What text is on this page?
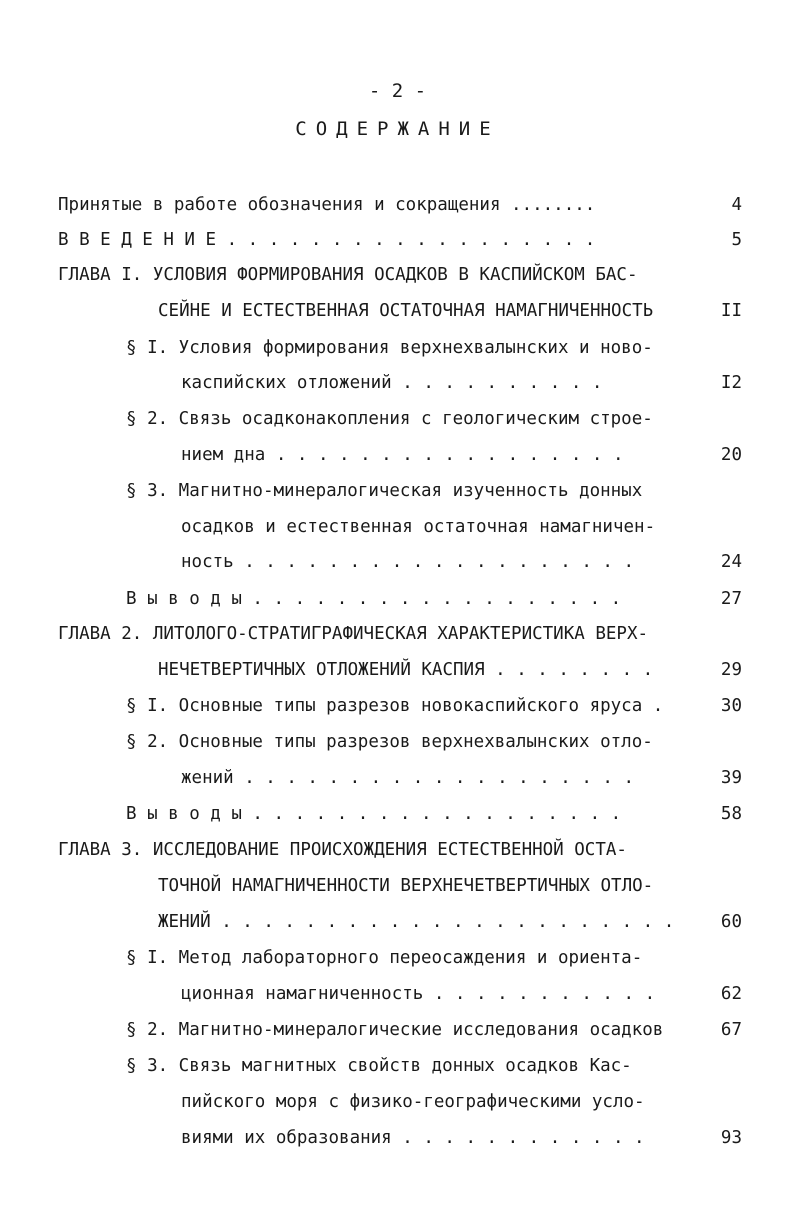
- 2 -
СОДЕРЖАНИЕ
Принятые в работе обозначения и сокращения ........	4
В В Е Д Е Н И Е . . . . . . . . . . . . . . . . . .	5
ГЛАВА I. УСЛОВИЯ ФОРМИРОВАНИЯ ОСАДКОВ В КАСПИЙСКОМ БАС-
СЕЙНЕ И ЕСТЕСТВЕННАЯ ОСТАТОЧНАЯ НАМАГНИЧЕННОСТЬ	II
§ I. Условия формирования верхнехвалынских и ново-
каспийских отложений . . . . . . . . . .	I2
§ 2. Связь осадконакопления с геологическим строе-
нием дна . . . . . . . . . . . . . . . . .	20
§ 3. Магнитно-минералогическая изученность донных
осадков и естественная остаточная намагничен-
ность . . . . . . . . . . . . . . . . . . .	24
В ы в о д ы . . . . . . . . . . . . . . . . . .	27
ГЛАВА 2. ЛИТОЛОГО-СТРАТИГРАФИЧЕСКАЯ ХАРАКТЕРИСТИКА ВЕРХ-
НЕЧЕТВЕРТИЧНЫХ ОТЛОЖЕНИЙ КАСПИЯ . . . . . . . .	29
§ I. Основные типы разрезов новокаспийского яруса .	30
§ 2. Основные типы разрезов верхнехвалынских отло-
жений . . . . . . . . . . . . . . . . . . .	39
В ы в о д ы . . . . . . . . . . . . . . . . . .	58
ГЛАВА 3. ИССЛЕДОВАНИЕ ПРОИСХОЖДЕНИЯ ЕСТЕСТВЕННОЙ ОСТА-
ТОЧНОЙ НАМАГНИЧЕННОСТИ ВЕРХНЕЧЕТВЕРТИЧНЫХ ОТЛО-
ЖЕНИЙ . . . . . . . . . . . . . . . . . . . . . .	60
§ I. Метод лабораторного переосаждения и ориента-
ционная намагниченность . . . . . . . . . . .	62
§ 2. Магнитно-минералогические исследования осадков	67
§ 3. Связь магнитных свойств донных осадков Кас-
пийского моря с физико-географическими усло-
виями их образования . . . . . . . . . . . .	93
